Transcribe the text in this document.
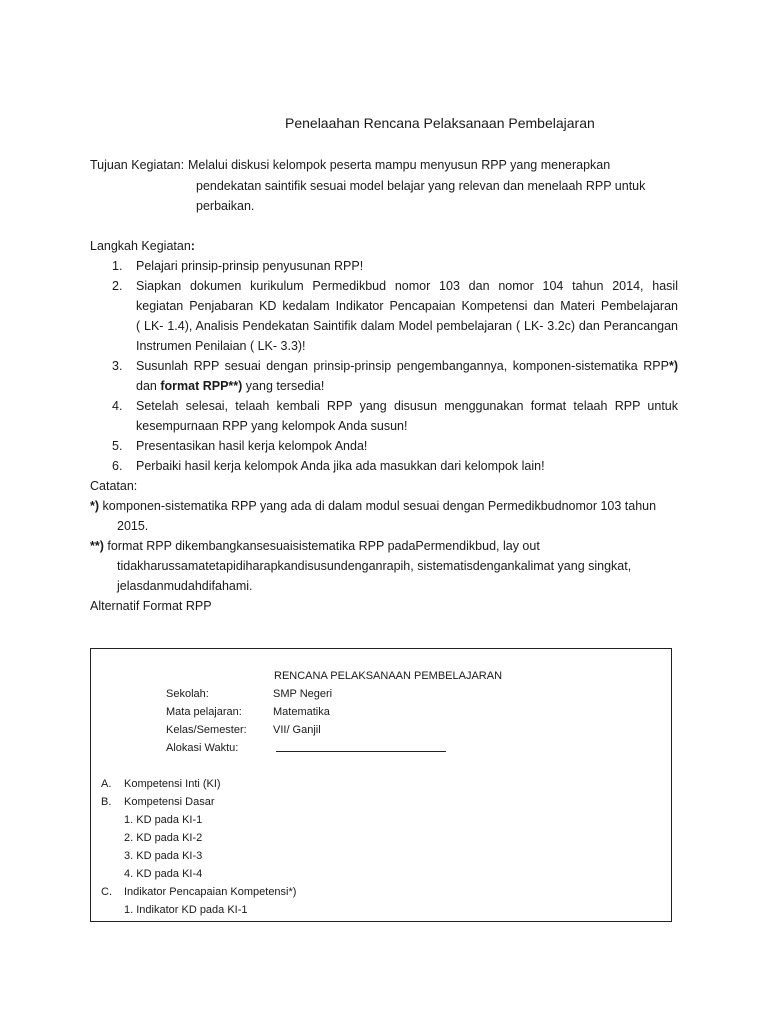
Penelaahan Rencana Pelaksanaan Pembelajaran
Tujuan Kegiatan: Melalui diskusi kelompok peserta mampu menyusun RPP yang menerapkan
pendekatan saintifik sesuai model belajar yang relevan dan menelaah RPP untuk
perbaikan.
Langkah Kegiatan:
1. Pelajari prinsip-prinsip penyusunan RPP!
2. Siapkan dokumen kurikulum Permedikbud nomor 103 dan nomor 104 tahun 2014, hasil
kegiatan Penjabaran KD kedalam Indikator Pencapaian Kompetensi dan Materi Pembelajaran
( LK- 1.4), Analisis Pendekatan Saintifik dalam Model pembelajaran ( LK- 3.2c) dan Perancangan
Instrumen Penilaian ( LK- 3.3)!
3. Susunlah RPP sesuai dengan prinsip-prinsip pengembangannya, komponen-sistematika RPP*)
dan format RPP**) yang tersedia!
4. Setelah selesai, telaah kembali RPP yang disusun menggunakan format telaah RPP untuk
kesempurnaan RPP yang kelompok Anda susun!
5. Presentasikan hasil kerja kelompok Anda!
6. Perbaiki hasil kerja kelompok Anda jika ada masukkan dari kelompok lain!
Catatan:
*) komponen-sistematika RPP yang ada di dalam modul sesuai dengan Permedikbudnomor 103 tahun
2015.
**) format RPP dikembangkansesuaisistematika RPP padaPermendikbud, lay out
tidakharussamatetapidiharapkandisusundenganrapih, sistematisdengankalimat yang singkat,
jelasdanmudahdifahami.
Alternatif Format RPP
RENCANA PELAKSANAAN PEMBELAJARAN
Sekolah:	SMP Negeri
Mata pelajaran:	Matematika
Kelas/Semester: VII/ Ganjil
Alokasi Waktu:
A. Kompetensi Inti (KI)
B. Kompetensi Dasar
1. KD pada KI-1
2. KD pada KI-2
3. KD pada KI-3
4. KD pada KI-4
C. Indikator Pencapaian Kompetensi*)
1. Indikator KD pada KI-1
